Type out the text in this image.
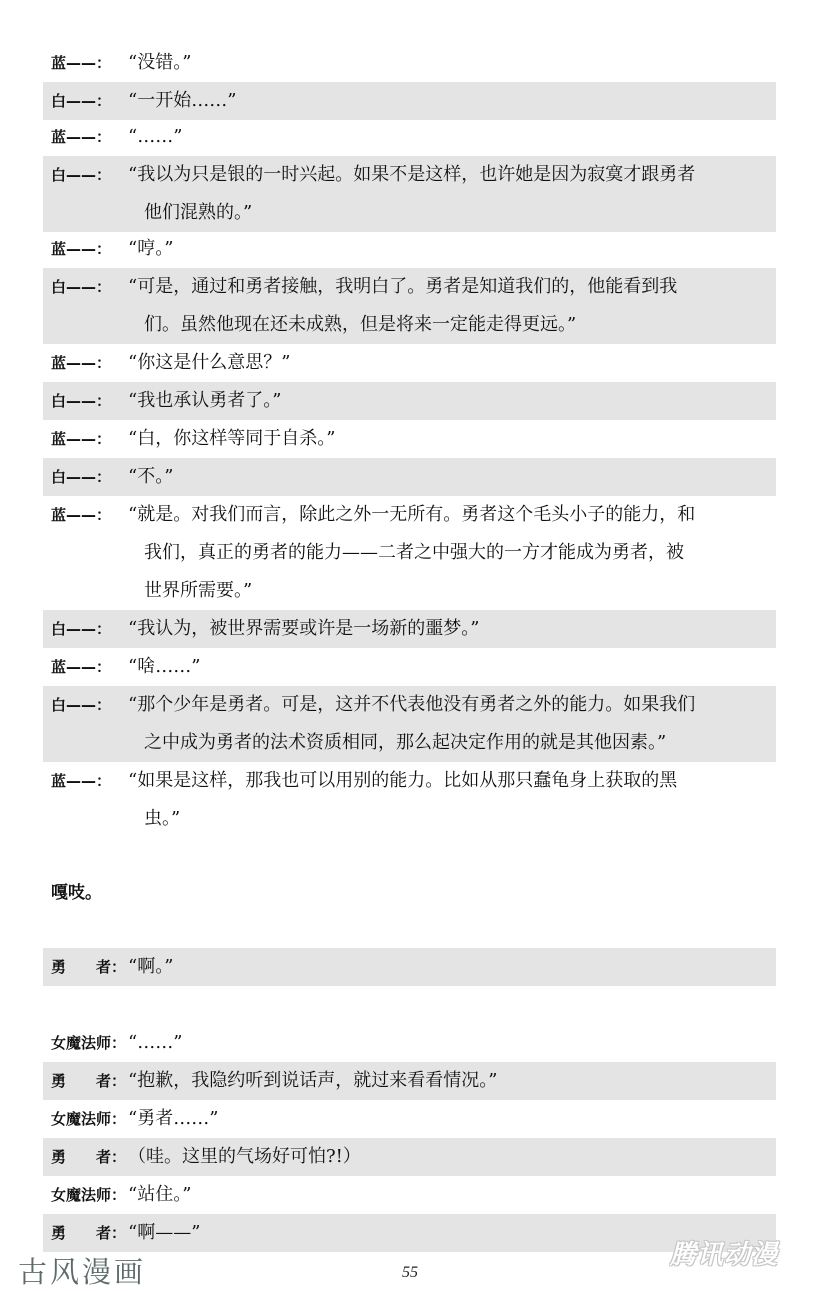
蓝——： “没错。”
白——： “一开始……”
蓝——： “……”
白——： “我以为只是银的一时兴起。如果不是这样，也许她是因为寂寞才跟勇者
他们混熟的。”
蓝——： “哼。”
白——： “可是，通过和勇者接触，我明白了。勇者是知道我们的，他能看到我
们。虽然他现在还未成熟，但是将来一定能走得更远。”
蓝——： “你这是什么意思？”
白——： “我也承认勇者了。”
蓝——： “白，你这样等同于自杀。”
白——： “不。”
蓝——： “就是。对我们而言，除此之外一无所有。勇者这个毛头小子的能力，和
我们，真正的勇者的能力——二者之中强大的一方才能成为勇者，被
世界所需要。”
白——： “我认为，被世界需要或许是一场新的噩梦。”
蓝——： “啥……”
白——： “那个少年是勇者。可是，这并不代表他没有勇者之外的能力。如果我们
之中成为勇者的法术资质相同，那么起决定作用的就是其他因素。”
蓝——： “如果是这样，那我也可以用别的能力。比如从那只蠢龟身上获取的黑
虫。”
嘎吱。
勇　　者： “啊。”
女魔法师： “……”
勇　　者： “抱歉，我隐约听到说话声，就过来看看情况。”
女魔法师： “勇者……”
勇　　者： （哇。这里的气场好可怕?!）
女魔法师： “站住。”
勇　　者： “啊——”
古风漫画	55
腾讯动漫
